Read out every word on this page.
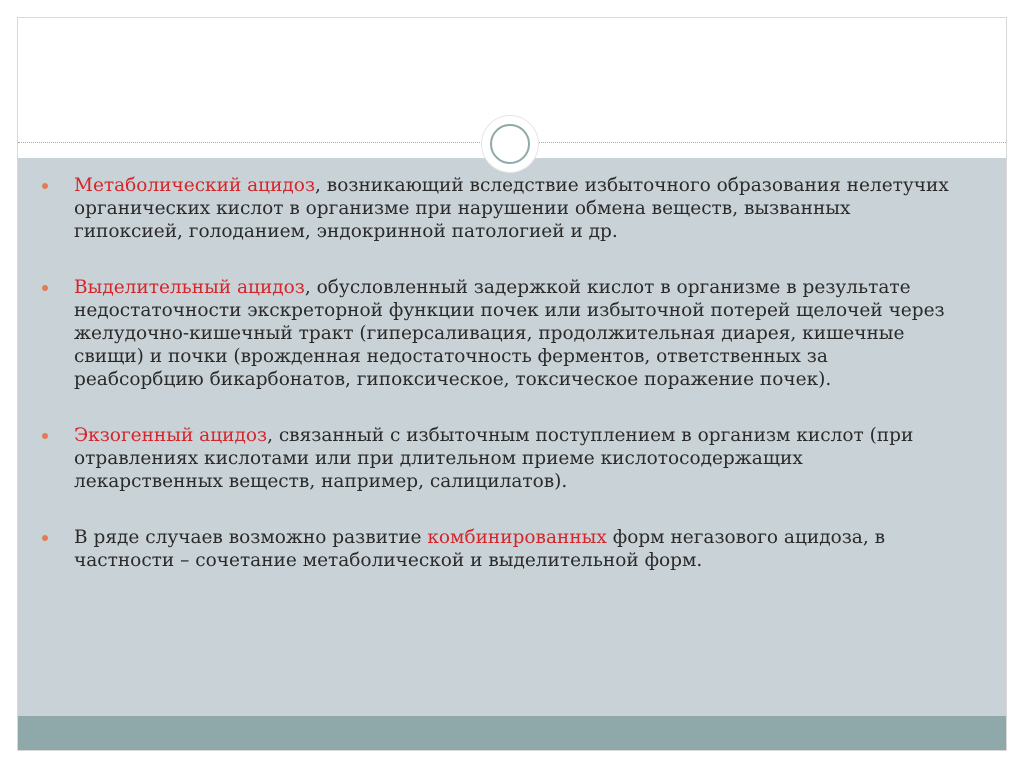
Метаболический ацидоз, возникающий вследствие избыточного образования нелетучих органических кислот в организме при нарушении обмена веществ, вызванных гипоксией, голоданием, эндокринной патологией и др.
Выделительный ацидоз, обусловленный задержкой кислот в организме в результате недостаточности экскреторной функции почек или избыточной потерей щелочей через желудочно-кишечный тракт (гиперсаливация, продолжительная диарея, кишечные свищи) и почки (врожденная недостаточность ферментов, ответственных за реабсорбцию бикарбонатов, гипоксическое, токсическое поражение почек).
Экзогенный ацидоз, связанный с избыточным поступлением в организм кислот (при отравлениях кислотами или при длительном приеме кислотосодержащих лекарственных веществ, например, салицилатов).
В ряде случаев возможно развитие комбинированных форм негазового ацидоза, в частности – сочетание метаболической и выделительной форм.
